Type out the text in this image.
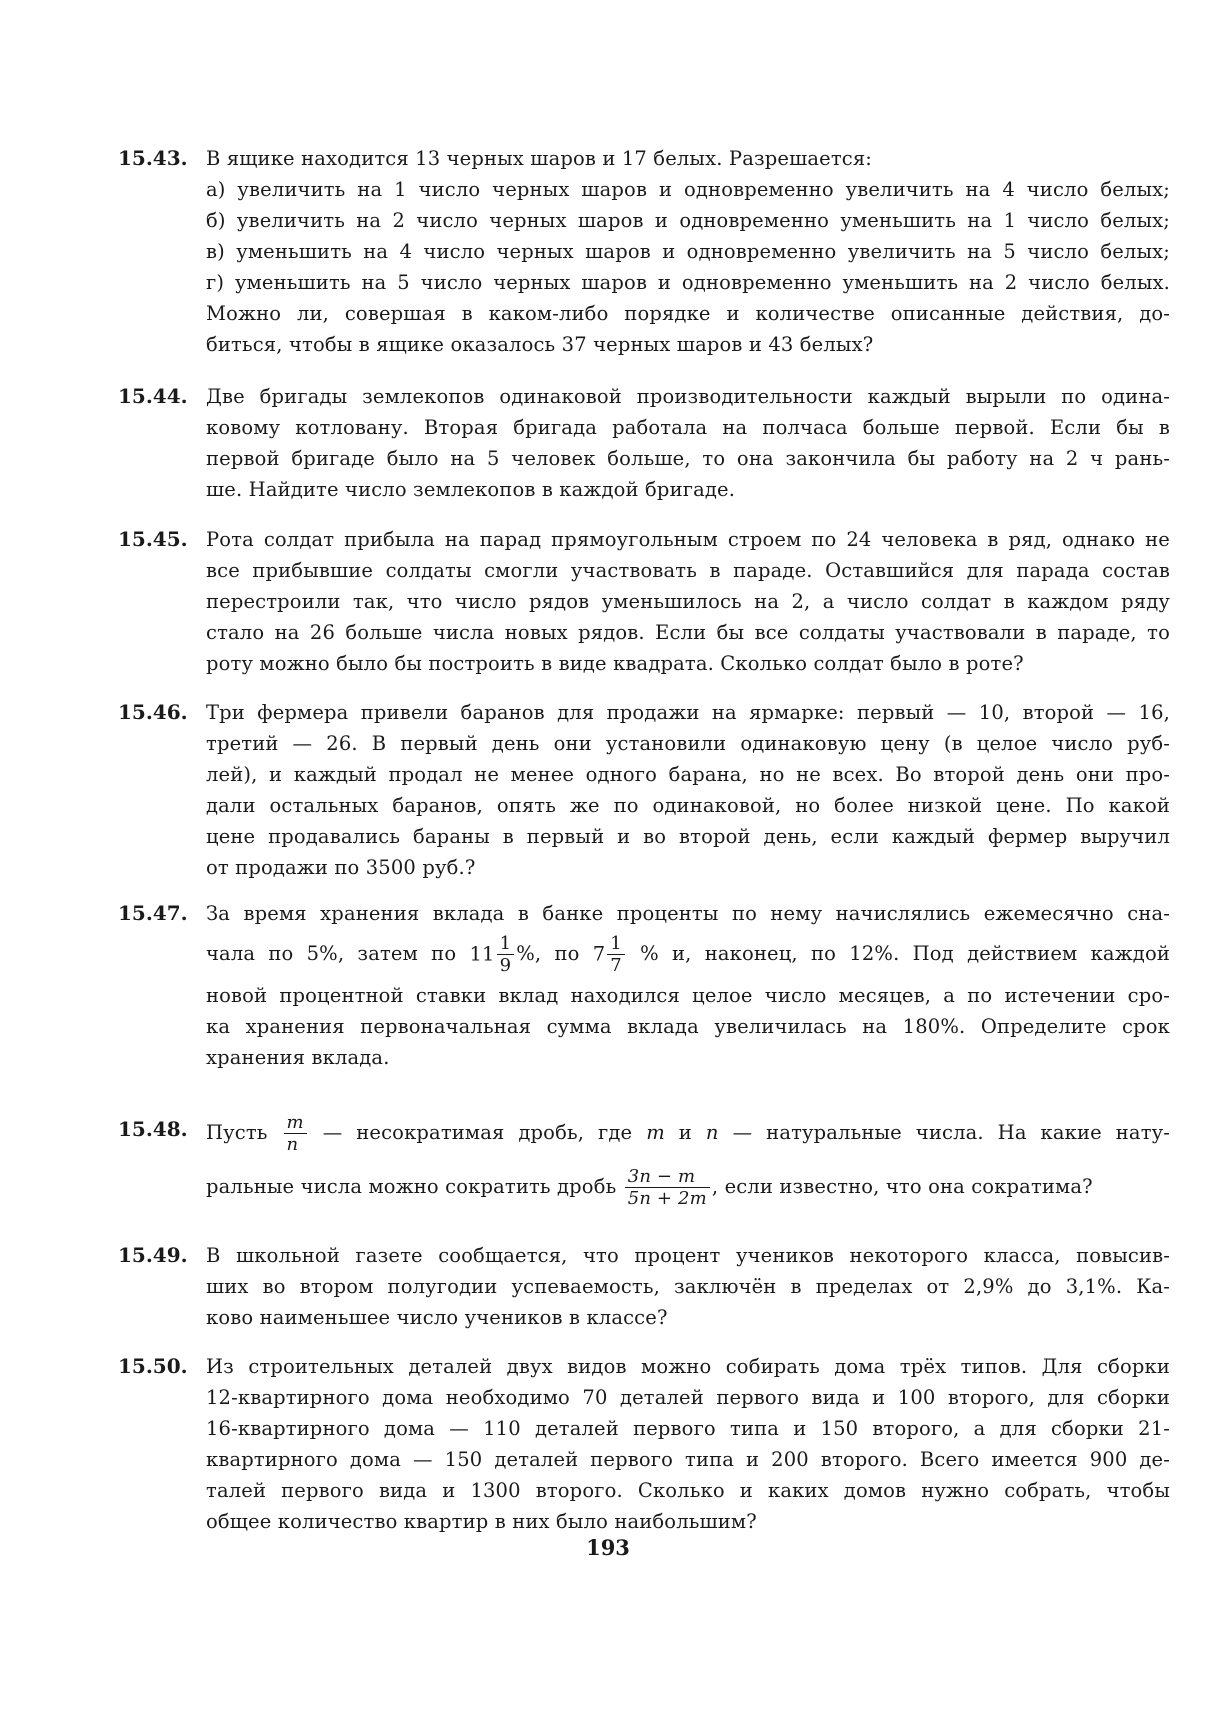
15.43. В ящике находится 13 черных шаров и 17 белых. Разрешается:
а) увеличить на 1 число черных шаров и одновременно увеличить на 4 число белых;
б) увеличить на 2 число черных шаров и одновременно уменьшить на 1 число белых;
в) уменьшить на 4 число черных шаров и одновременно увеличить на 5 число белых;
г) уменьшить на 5 число черных шаров и одновременно уменьшить на 2 число белых.
Можно ли, совершая в каком-либо порядке и количестве описанные действия, до-
биться, чтобы в ящике оказалось 37 черных шаров и 43 белых?
15.44. Две бригады землекопов одинаковой производительности каждый вырыли по одина-
ковому котловану. Вторая бригада работала на полчаса больше первой. Если бы в
первой бригаде было на 5 человек больше, то она закончила бы работу на 2 ч рань-
ше. Найдите число землекопов в каждой бригаде.
15.45. Рота солдат прибыла на парад прямоугольным строем по 24 человека в ряд, однако не
все прибывшие солдаты смогли участвовать в параде. Оставшийся для парада состав
перестроили так, что число рядов уменьшилось на 2, а число солдат в каждом ряду
стало на 26 больше числа новых рядов. Если бы все солдаты участвовали в параде, то
роту можно было бы построить в виде квадрата. Сколько солдат было в роте?
15.46. Три фермера привели баранов для продажи на ярмарке: первый — 10, второй — 16,
третий — 26. В первый день они установили одинаковую цену (в целое число руб-
лей), и каждый продал не менее одного барана, но не всех. Во второй день они про-
дали остальных баранов, опять же по одинаковой, но более низкой цене. По какой
цене продавались бараны в первый и во второй день, если каждый фермер выручил
от продажи по 3500 руб.?
15.47. За время хранения вклада в банке проценты по нему начислялись ежемесячно сна-
чала по 5%, затем по $11 \frac{1}{9}$ %, по $7 \frac{1}{7}$ % и, наконец, по 12%. Под действием каждой
новой процентной ставки вклад находился целое число месяцев, а по истечении сро-
ка хранения первоначальная сумма вклада увеличилась на 180%. Определите срок
хранения вклада.
15.48. Пусть $\frac{m}{n}$ — несократимая дробь, где m и n — натуральные числа. На какие нату-
ральные числа можно сократить дробь $\frac{3n - m}{5n + 2m}$ , если известно, что она сократима?
15.49. В школьной газете сообщается, что процент учеников некоторого класса, повысив-
ших во втором полугодии успеваемость, заключён в пределах от 2,9% до 3,1%. Ка-
ково наименьшее число учеников в классе?
15.50. Из строительных деталей двух видов можно собирать дома трёх типов. Для сборки
12-квартирного дома необходимо 70 деталей первого вида и 100 второго, для сборки
16-квартирного дома — 110 деталей первого типа и 150 второго, а для сборки 21-
квартирного дома — 150 деталей первого типа и 200 второго. Всего имеется 900 де-
талей первого вида и 1300 второго. Сколько и каких домов нужно собрать, чтобы
общее количество квартир в них было наибольшим?
193
